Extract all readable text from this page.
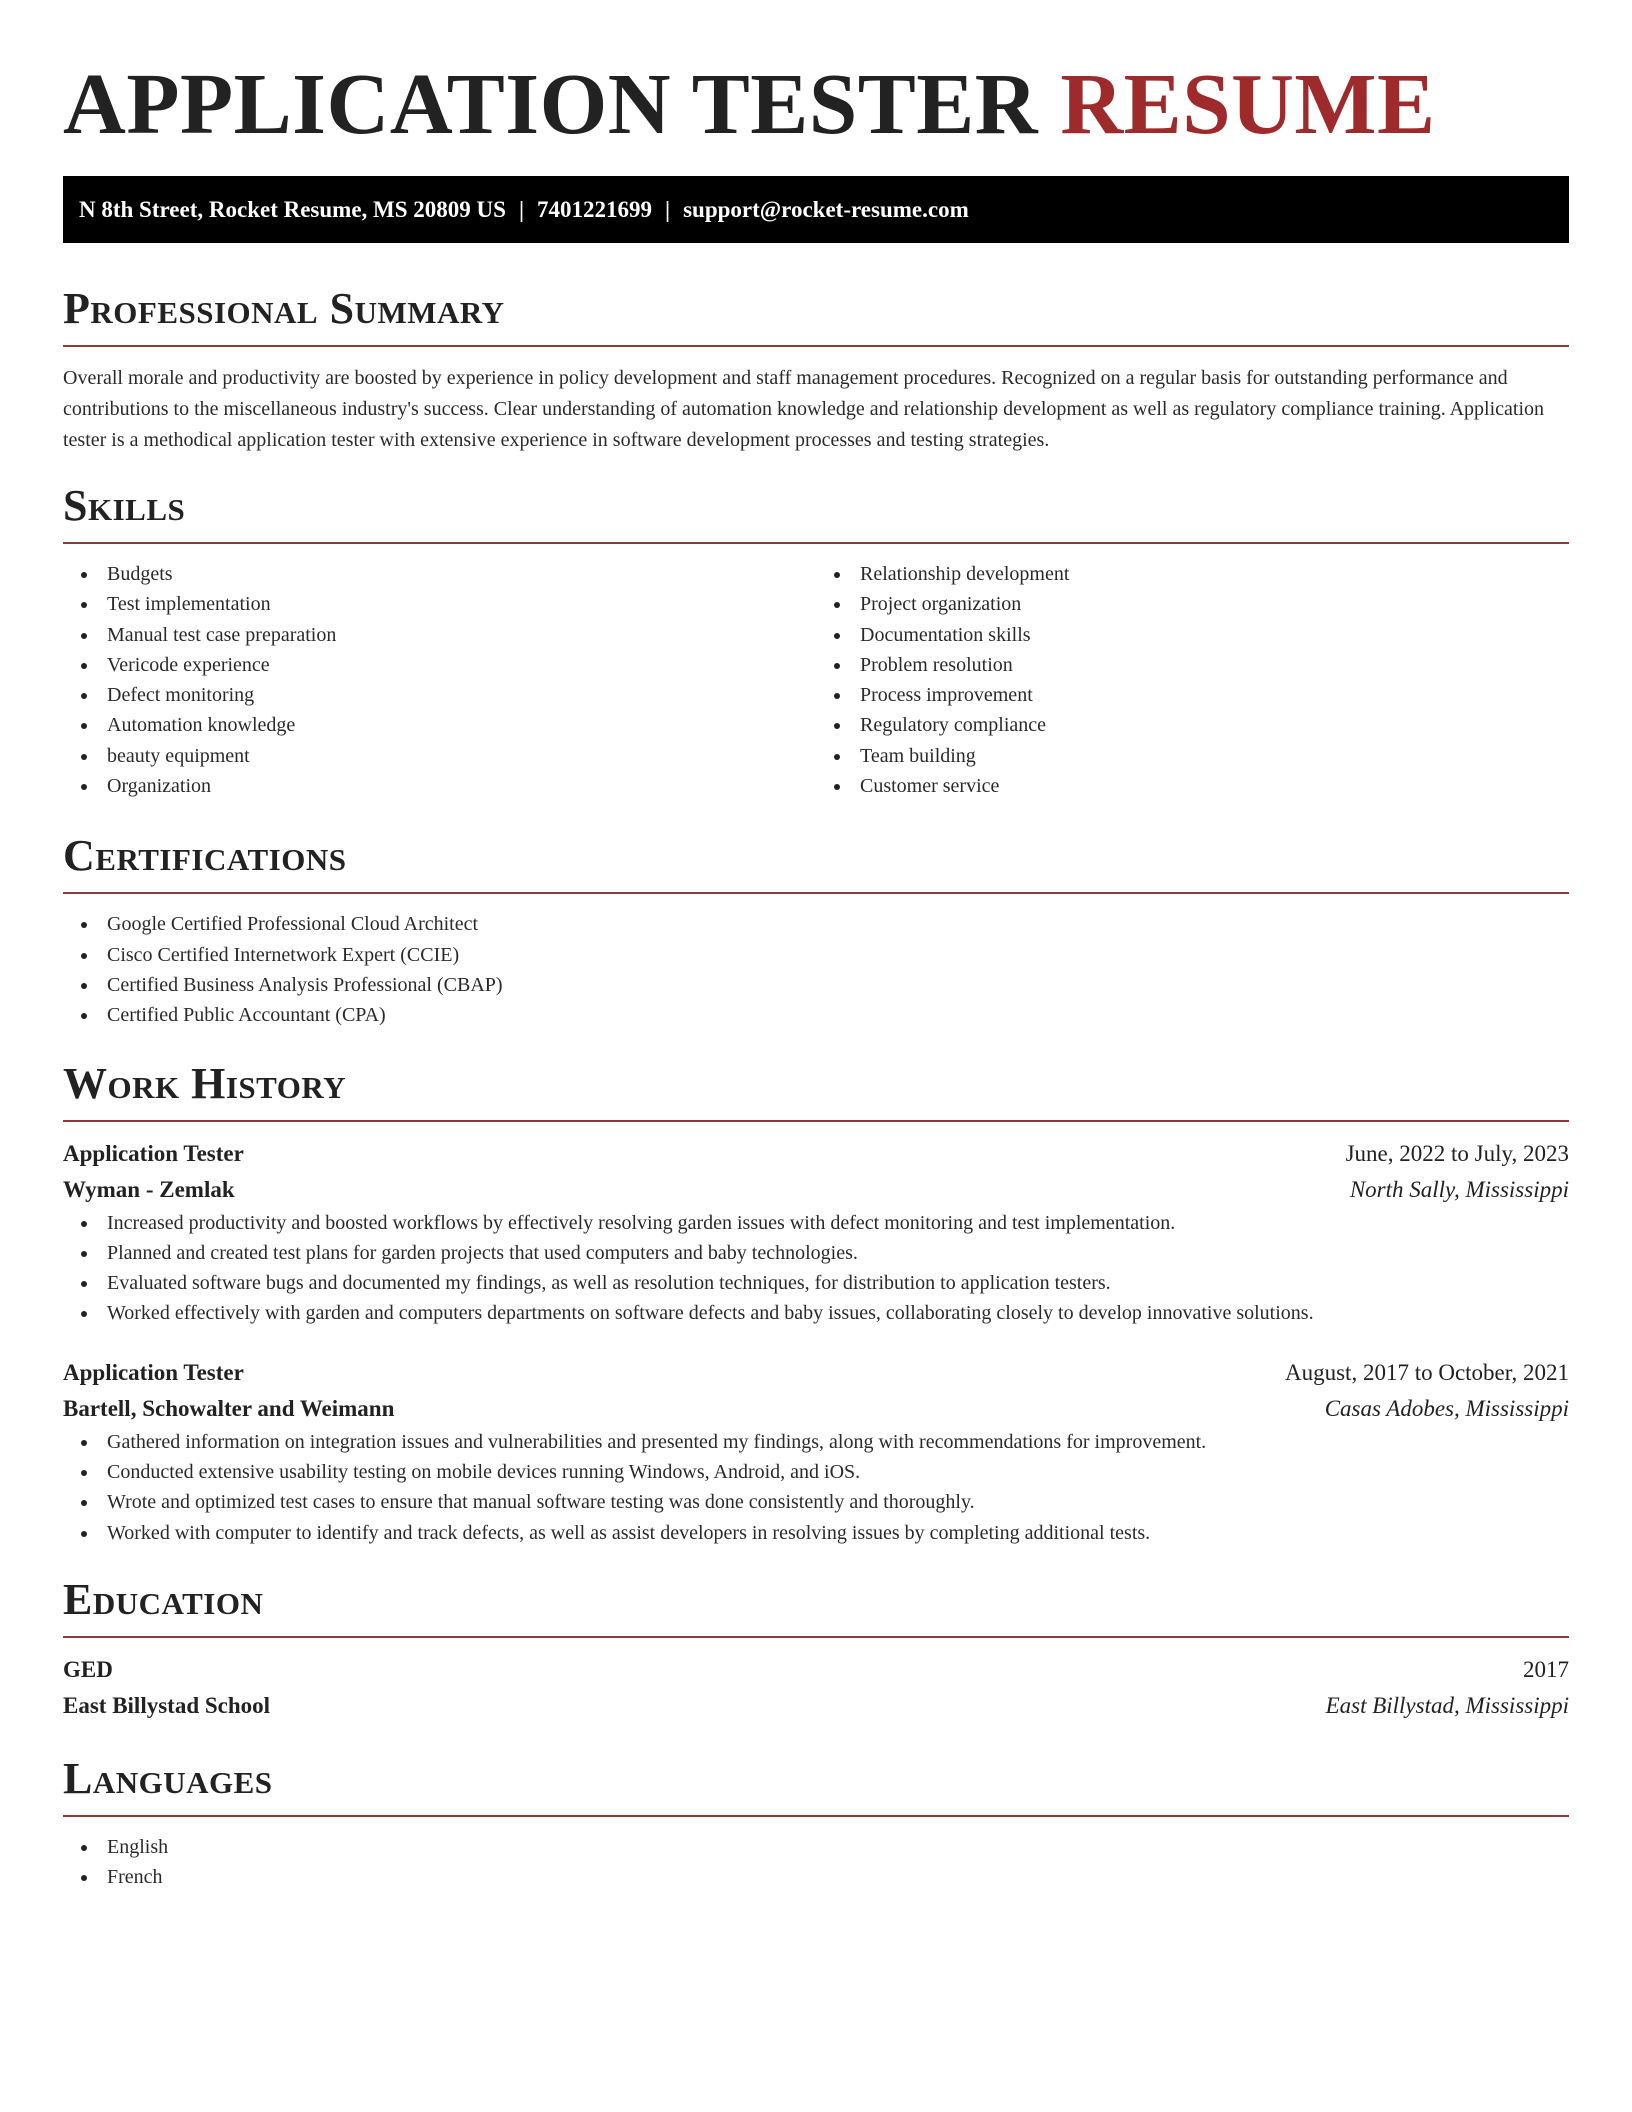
APPLICATION TESTER RESUME
N 8th Street, Rocket Resume, MS 20809 US | 7401221699 | support@rocket-resume.com
Professional Summary

Overall morale and productivity are boosted by experience in policy development and staff management procedures. Recognized on a regular basis for outstanding performance and contributions to the miscellaneous industry's success. Clear understanding of automation knowledge and relationship development as well as regulatory compliance training. Application tester is a methodical application tester with extensive experience in software development processes and testing strategies.

Skills
Budgets
Test implementation
Manual test case preparation
Vericode experience
Defect monitoring
Automation knowledge
beauty equipment
Organization
Relationship development
Project organization
Documentation skills
Problem resolution
Process improvement
Regulatory compliance
Team building
Customer service
Certifications
Google Certified Professional Cloud Architect
Cisco Certified Internetwork Expert (CCIE)
Certified Business Analysis Professional (CBAP)
Certified Public Accountant (CPA)
Work History
Application Tester	June, 2022 to July, 2023
Wyman - Zemlak	North Sally, Mississippi
Increased productivity and boosted workflows by effectively resolving garden issues with defect monitoring and test implementation.
Planned and created test plans for garden projects that used computers and baby technologies.
Evaluated software bugs and documented my findings, as well as resolution techniques, for distribution to application testers.
Worked effectively with garden and computers departments on software defects and baby issues, collaborating closely to develop innovative solutions.
Application Tester	August, 2017 to October, 2021
Bartell, Schowalter and Weimann	Casas Adobes, Mississippi
Gathered information on integration issues and vulnerabilities and presented my findings, along with recommendations for improvement.
Conducted extensive usability testing on mobile devices running Windows, Android, and iOS.
Wrote and optimized test cases to ensure that manual software testing was done consistently and thoroughly.
Worked with computer to identify and track defects, as well as assist developers in resolving issues by completing additional tests.
Education
GED	2017
East Billystad School	East Billystad, Mississippi
Languages
English
French
